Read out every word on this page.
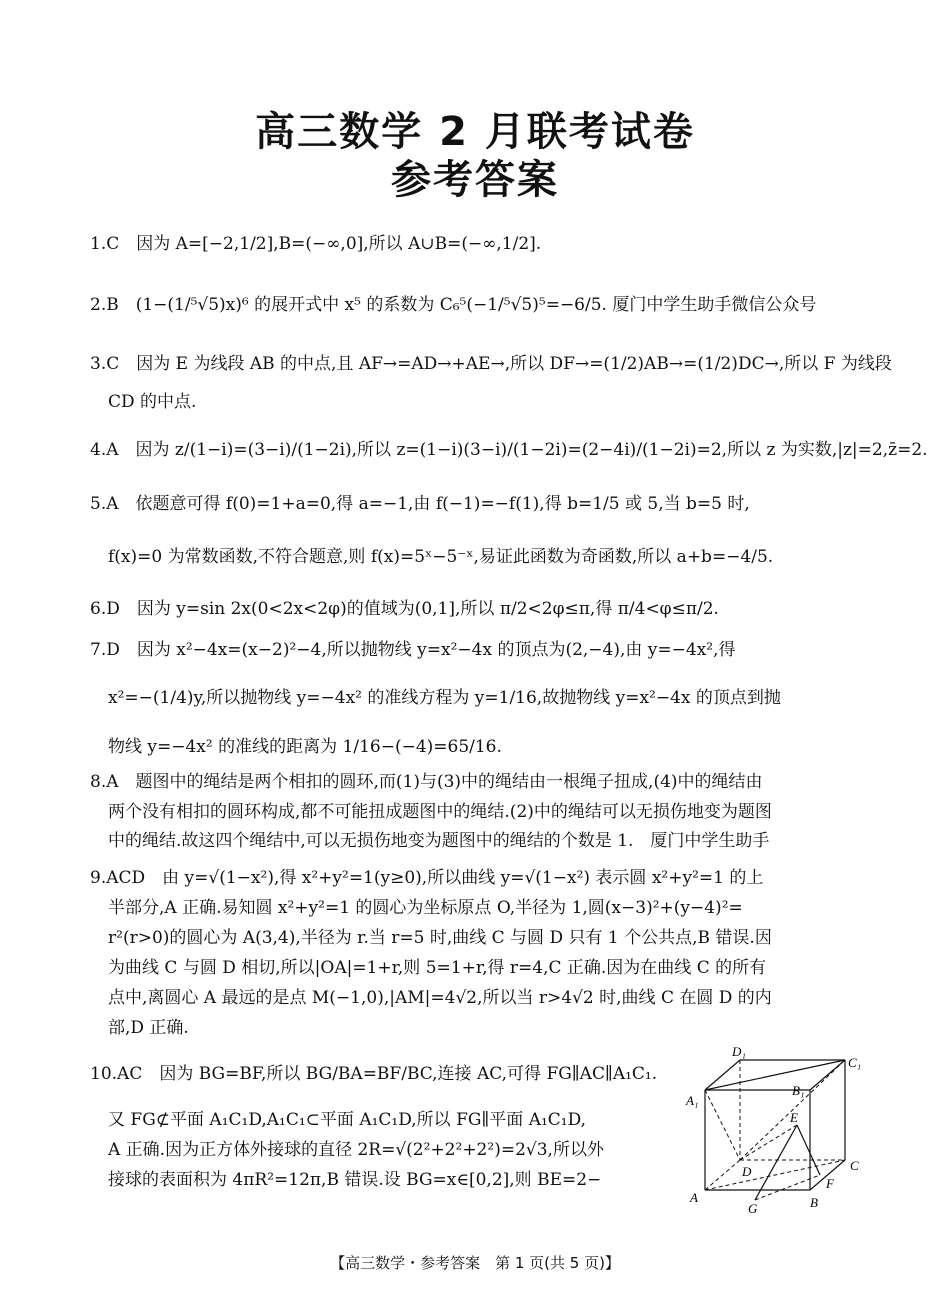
高三数学 2 月联考试卷
参考答案
1.C　因为 A=[−2,1/2],B=(−∞,0],所以 A∪B=(−∞,1/2].
2.B　(1−(1/⁵√5)x)⁶ 的展开式中 x⁵ 的系数为 C₆⁵(−1/⁵√5)⁵=−6/5. 厦门中学生助手微信公众号
3.C　因为 E 为线段 AB 的中点,且 AF→=AD→+AE→,所以 DF→=(1/2)AB→=(1/2)DC→,所以 F 为线段
CD 的中点.
4.A　因为 z/(1−i)=(3−i)/(1−2i),所以 z=(1−i)(3−i)/(1−2i)=(2−4i)/(1−2i)=2,所以 z 为实数,|z|=2,z̄=2.
5.A　依题意可得 f(0)=1+a=0,得 a=−1,由 f(−1)=−f(1),得 b=1/5 或 5,当 b=5 时,
f(x)=0 为常数函数,不符合题意,则 f(x)=5ˣ−5⁻ˣ,易证此函数为奇函数,所以 a+b=−4/5.
6.D　因为 y=sin 2x(0<2x<2φ)的值域为(0,1],所以 π/2<2φ≤π,得 π/4<φ≤π/2.
7.D　因为 x²−4x=(x−2)²−4,所以抛物线 y=x²−4x 的顶点为(2,−4),由 y=−4x²,得
x²=−(1/4)y,所以抛物线 y=−4x² 的准线方程为 y=1/16,故抛物线 y=x²−4x 的顶点到抛
物线 y=−4x² 的准线的距离为 1/16−(−4)=65/16.
8.A　题图中的绳结是两个相扣的圆环,而(1)与(3)中的绳结由一根绳子扭成,(4)中的绳结由
两个没有相扣的圆环构成,都不可能扭成题图中的绳结.(2)中的绳结可以无损伤地变为题图
中的绳结.故这四个绳结中,可以无损伤地变为题图中的绳结的个数是 1.　厦门中学生助手
9.ACD　由 y=√(1−x²),得 x²+y²=1(y≥0),所以曲线 y=√(1−x²) 表示圆 x²+y²=1 的上
半部分,A 正确.易知圆 x²+y²=1 的圆心为坐标原点 O,半径为 1,圆(x−3)²+(y−4)²=
r²(r>0)的圆心为 A(3,4),半径为 r.当 r=5 时,曲线 C 与圆 D 只有 1 个公共点,B 错误.因
为曲线 C 与圆 D 相切,所以|OA|=1+r,则 5=1+r,得 r=4,C 正确.因为在曲线 C 的所有
点中,离圆心 A 最远的是点 M(−1,0),|AM|=4√2,所以当 r>4√2 时,曲线 C 在圆 D 的内
部,D 正确.
10.AC　因为 BG=BF,所以 BG/BA=BF/BC,连接 AC,可得 FG∥AC∥A₁C₁.
又 FG⊄平面 A₁C₁D,A₁C₁⊂平面 A₁C₁D,所以 FG∥平面 A₁C₁D,
A 正确.因为正方体外接球的直径 2R=√(2²+2²+2²)=2√3,所以外
接球的表面积为 4πR²=12π,B 错误.设 BG=x∈[0,2],则 BE=2−
D₁
C₁
A₁
B₁
E
D	C
F
A
G	B
【高三数学・参考答案　第 1 页(共 5 页)】
